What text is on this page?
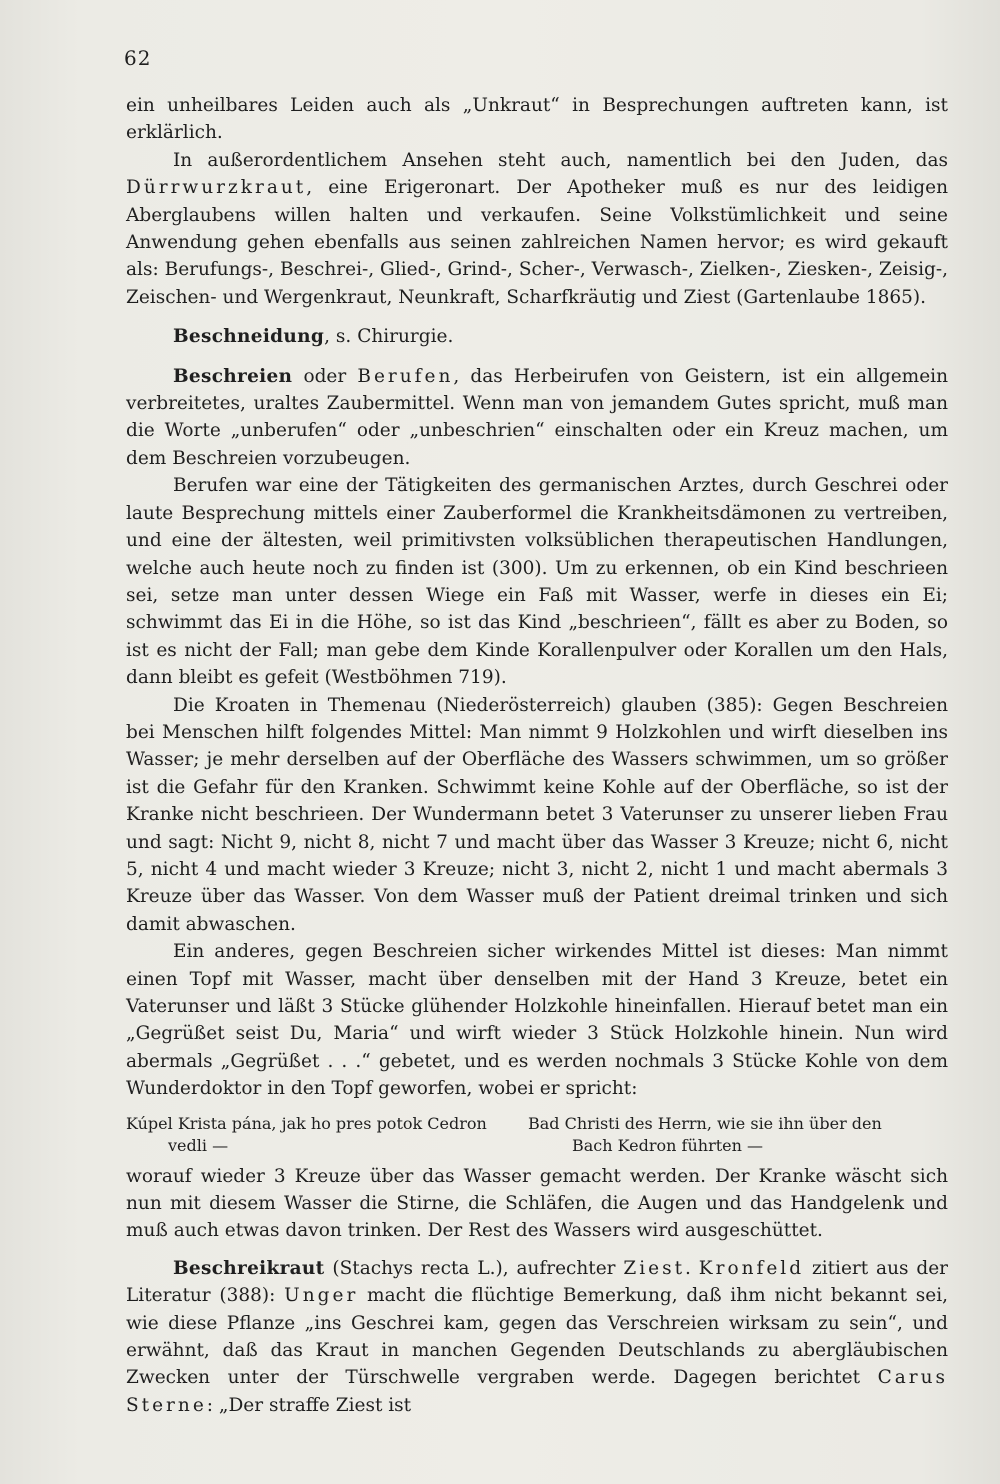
62

ein unheilbares Leiden auch als „Unkraut“ in Besprechungen auftreten kann, ist erklärlich.

In außerordentlichem Ansehen steht auch, namentlich bei den Juden, das Dürrwurzkraut, eine Erigeronart. Der Apotheker muß es nur des leidigen Aberglaubens willen halten und verkaufen. Seine Volkstümlichkeit und seine Anwendung gehen ebenfalls aus seinen zahlreichen Namen hervor; es wird gekauft als: Berufungs-, Beschrei-, Glied-, Grind-, Scher-, Verwasch-, Zielken-, Ziesken-, Zeisig-, Zeischen- und Wergenkraut, Neunkraft, Scharfkräutig und Ziest (Gartenlaube 1865).

Beschneidung, s. Chirurgie.

Beschreien oder Berufen, das Herbeirufen von Geistern, ist ein allgemein verbreitetes, uraltes Zaubermittel. Wenn man von jemandem Gutes spricht, muß man die Worte „unberufen“ oder „unbeschrien“ einschalten oder ein Kreuz machen, um dem Beschreien vorzubeugen.

Berufen war eine der Tätigkeiten des germanischen Arztes, durch Geschrei oder laute Besprechung mittels einer Zauberformel die Krankheitsdämonen zu vertreiben, und eine der ältesten, weil primitivsten volksüblichen therapeutischen Handlungen, welche auch heute noch zu finden ist (300). Um zu erkennen, ob ein Kind beschrieen sei, setze man unter dessen Wiege ein Faß mit Wasser, werfe in dieses ein Ei; schwimmt das Ei in die Höhe, so ist das Kind „beschrieen“, fällt es aber zu Boden, so ist es nicht der Fall; man gebe dem Kinde Korallenpulver oder Korallen um den Hals, dann bleibt es gefeit (Westböhmen 719).

Die Kroaten in Themenau (Niederösterreich) glauben (385): Gegen Beschreien bei Menschen hilft folgendes Mittel: Man nimmt 9 Holzkohlen und wirft dieselben ins Wasser; je mehr derselben auf der Oberfläche des Wassers schwimmen, um so größer ist die Gefahr für den Kranken. Schwimmt keine Kohle auf der Oberfläche, so ist der Kranke nicht beschrieen. Der Wundermann betet 3 Vaterunser zu unserer lieben Frau und sagt: Nicht 9, nicht 8, nicht 7 und macht über das Wasser 3 Kreuze; nicht 6, nicht 5, nicht 4 und macht wieder 3 Kreuze; nicht 3, nicht 2, nicht 1 und macht abermals 3 Kreuze über das Wasser. Von dem Wasser muß der Patient dreimal trinken und sich damit abwaschen.

Ein anderes, gegen Beschreien sicher wirkendes Mittel ist dieses: Man nimmt einen Topf mit Wasser, macht über denselben mit der Hand 3 Kreuze, betet ein Vaterunser und läßt 3 Stücke glühender Holzkohle hineinfallen. Hierauf betet man ein „Gegrüßet seist Du, Maria“ und wirft wieder 3 Stück Holzkohle hinein. Nun wird abermals „Gegrüßet . . .“ gebetet, und es werden nochmals 3 Stücke Kohle von dem Wunderdoktor in den Topf geworfen, wobei er spricht:

Kúpel Krista pána, jak ho pres potok Cedron
vedli —
Bad Christi des Herrn, wie sie ihn über den
Bach Kedron führten —

worauf wieder 3 Kreuze über das Wasser gemacht werden. Der Kranke wäscht sich nun mit diesem Wasser die Stirne, die Schläfen, die Augen und das Handgelenk und muß auch etwas davon trinken. Der Rest des Wassers wird ausgeschüttet.

Beschreikraut (Stachys recta L.), aufrechter Ziest. Kronfeld zitiert aus der Literatur (388): Unger macht die flüchtige Bemerkung, daß ihm nicht bekannt sei, wie diese Pflanze „ins Geschrei kam, gegen das Verschreien wirksam zu sein“, und erwähnt, daß das Kraut in manchen Gegenden Deutschlands zu abergläubischen Zwecken unter der Türschwelle vergraben werde. Dagegen berichtet Carus Sterne: „Der straffe Ziest ist
